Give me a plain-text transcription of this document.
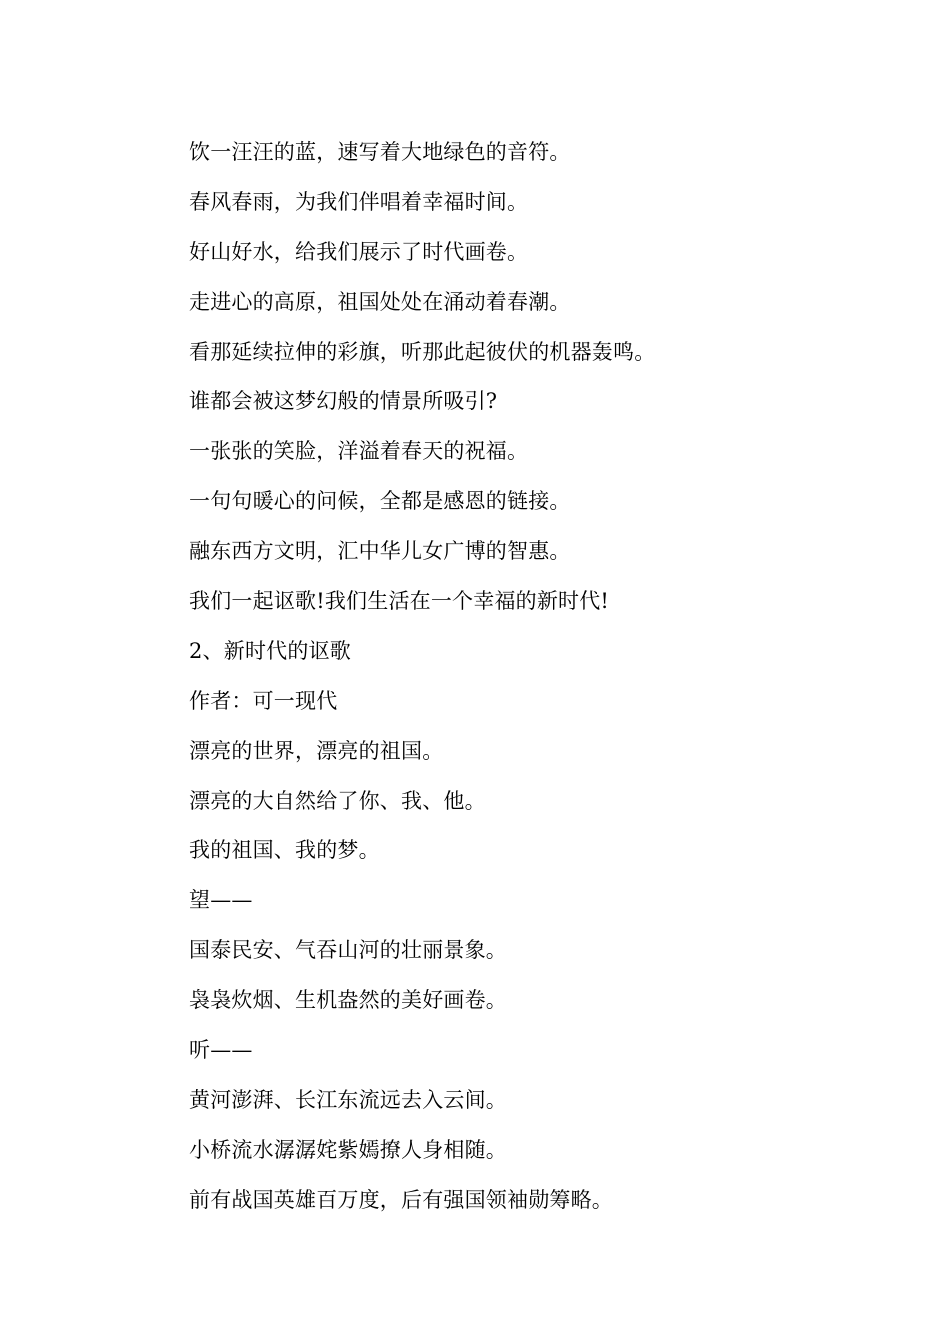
饮一汪汪的蓝，速写着大地绿色的音符。
春风春雨，为我们伴唱着幸福时间。
好山好水，给我们展示了时代画卷。
走进心的高原，祖国处处在涌动着春潮。
看那延续拉伸的彩旗，听那此起彼伏的机器轰鸣。
谁都会被这梦幻般的情景所吸引?
一张张的笑脸，洋溢着春天的祝福。
一句句暖心的问候，全都是感恩的链接。
融东西方文明，汇中华儿女广博的智惠。
我们一起讴歌!我们生活在一个幸福的新时代!
2、新时代的讴歌
作者：可一现代
漂亮的世界，漂亮的祖国。
漂亮的大自然给了你、我、他。
我的祖国、我的梦。
望——
国泰民安、气吞山河的壮丽景象。
袅袅炊烟、生机盎然的美好画卷。
听——
黄河澎湃、长江东流远去入云间。
小桥流水潺潺姹紫嫣撩人身相随。
前有战国英雄百万度，后有强国领袖勋筹略。
